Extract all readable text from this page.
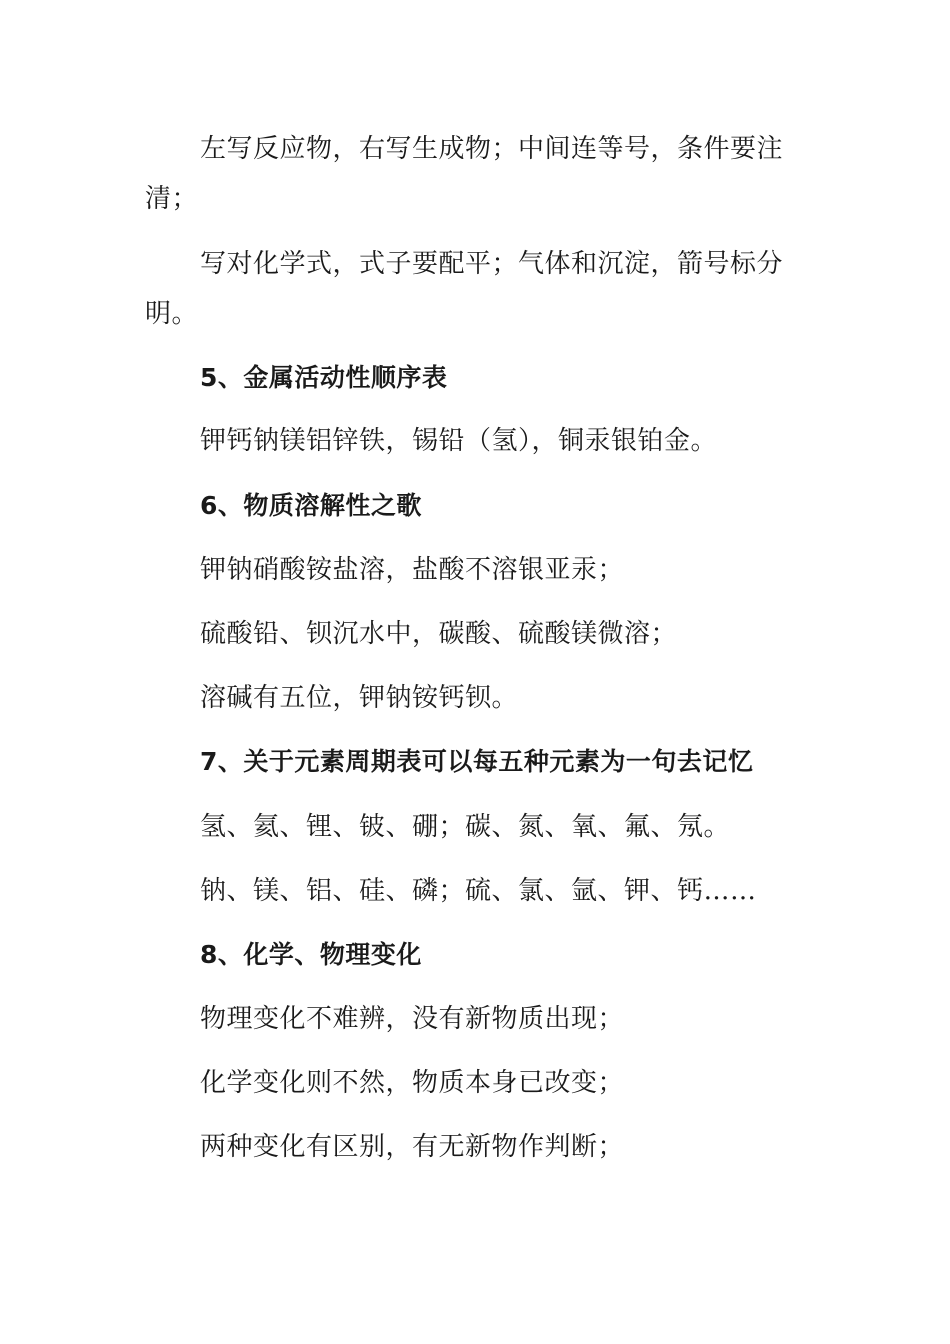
左写反应物，右写生成物；中间连等号，条件要注
清；
写对化学式，式子要配平；气体和沉淀，箭号标分
明。
5、金属活动性顺序表
钾钙钠镁铝锌铁，锡铅（氢），铜汞银铂金。
6、物质溶解性之歌
钾钠硝酸铵盐溶，盐酸不溶银亚汞；
硫酸铅、钡沉水中，碳酸、硫酸镁微溶；
溶碱有五位，钾钠铵钙钡。
7、关于元素周期表可以每五种元素为一句去记忆
氢、氦、锂、铍、硼；碳、氮、氧、氟、氖。
钠、镁、铝、硅、磷；硫、氯、氩、钾、钙……
8、化学、物理变化
物理变化不难辨，没有新物质出现；
化学变化则不然，物质本身已改变；
两种变化有区别，有无新物作判断；
